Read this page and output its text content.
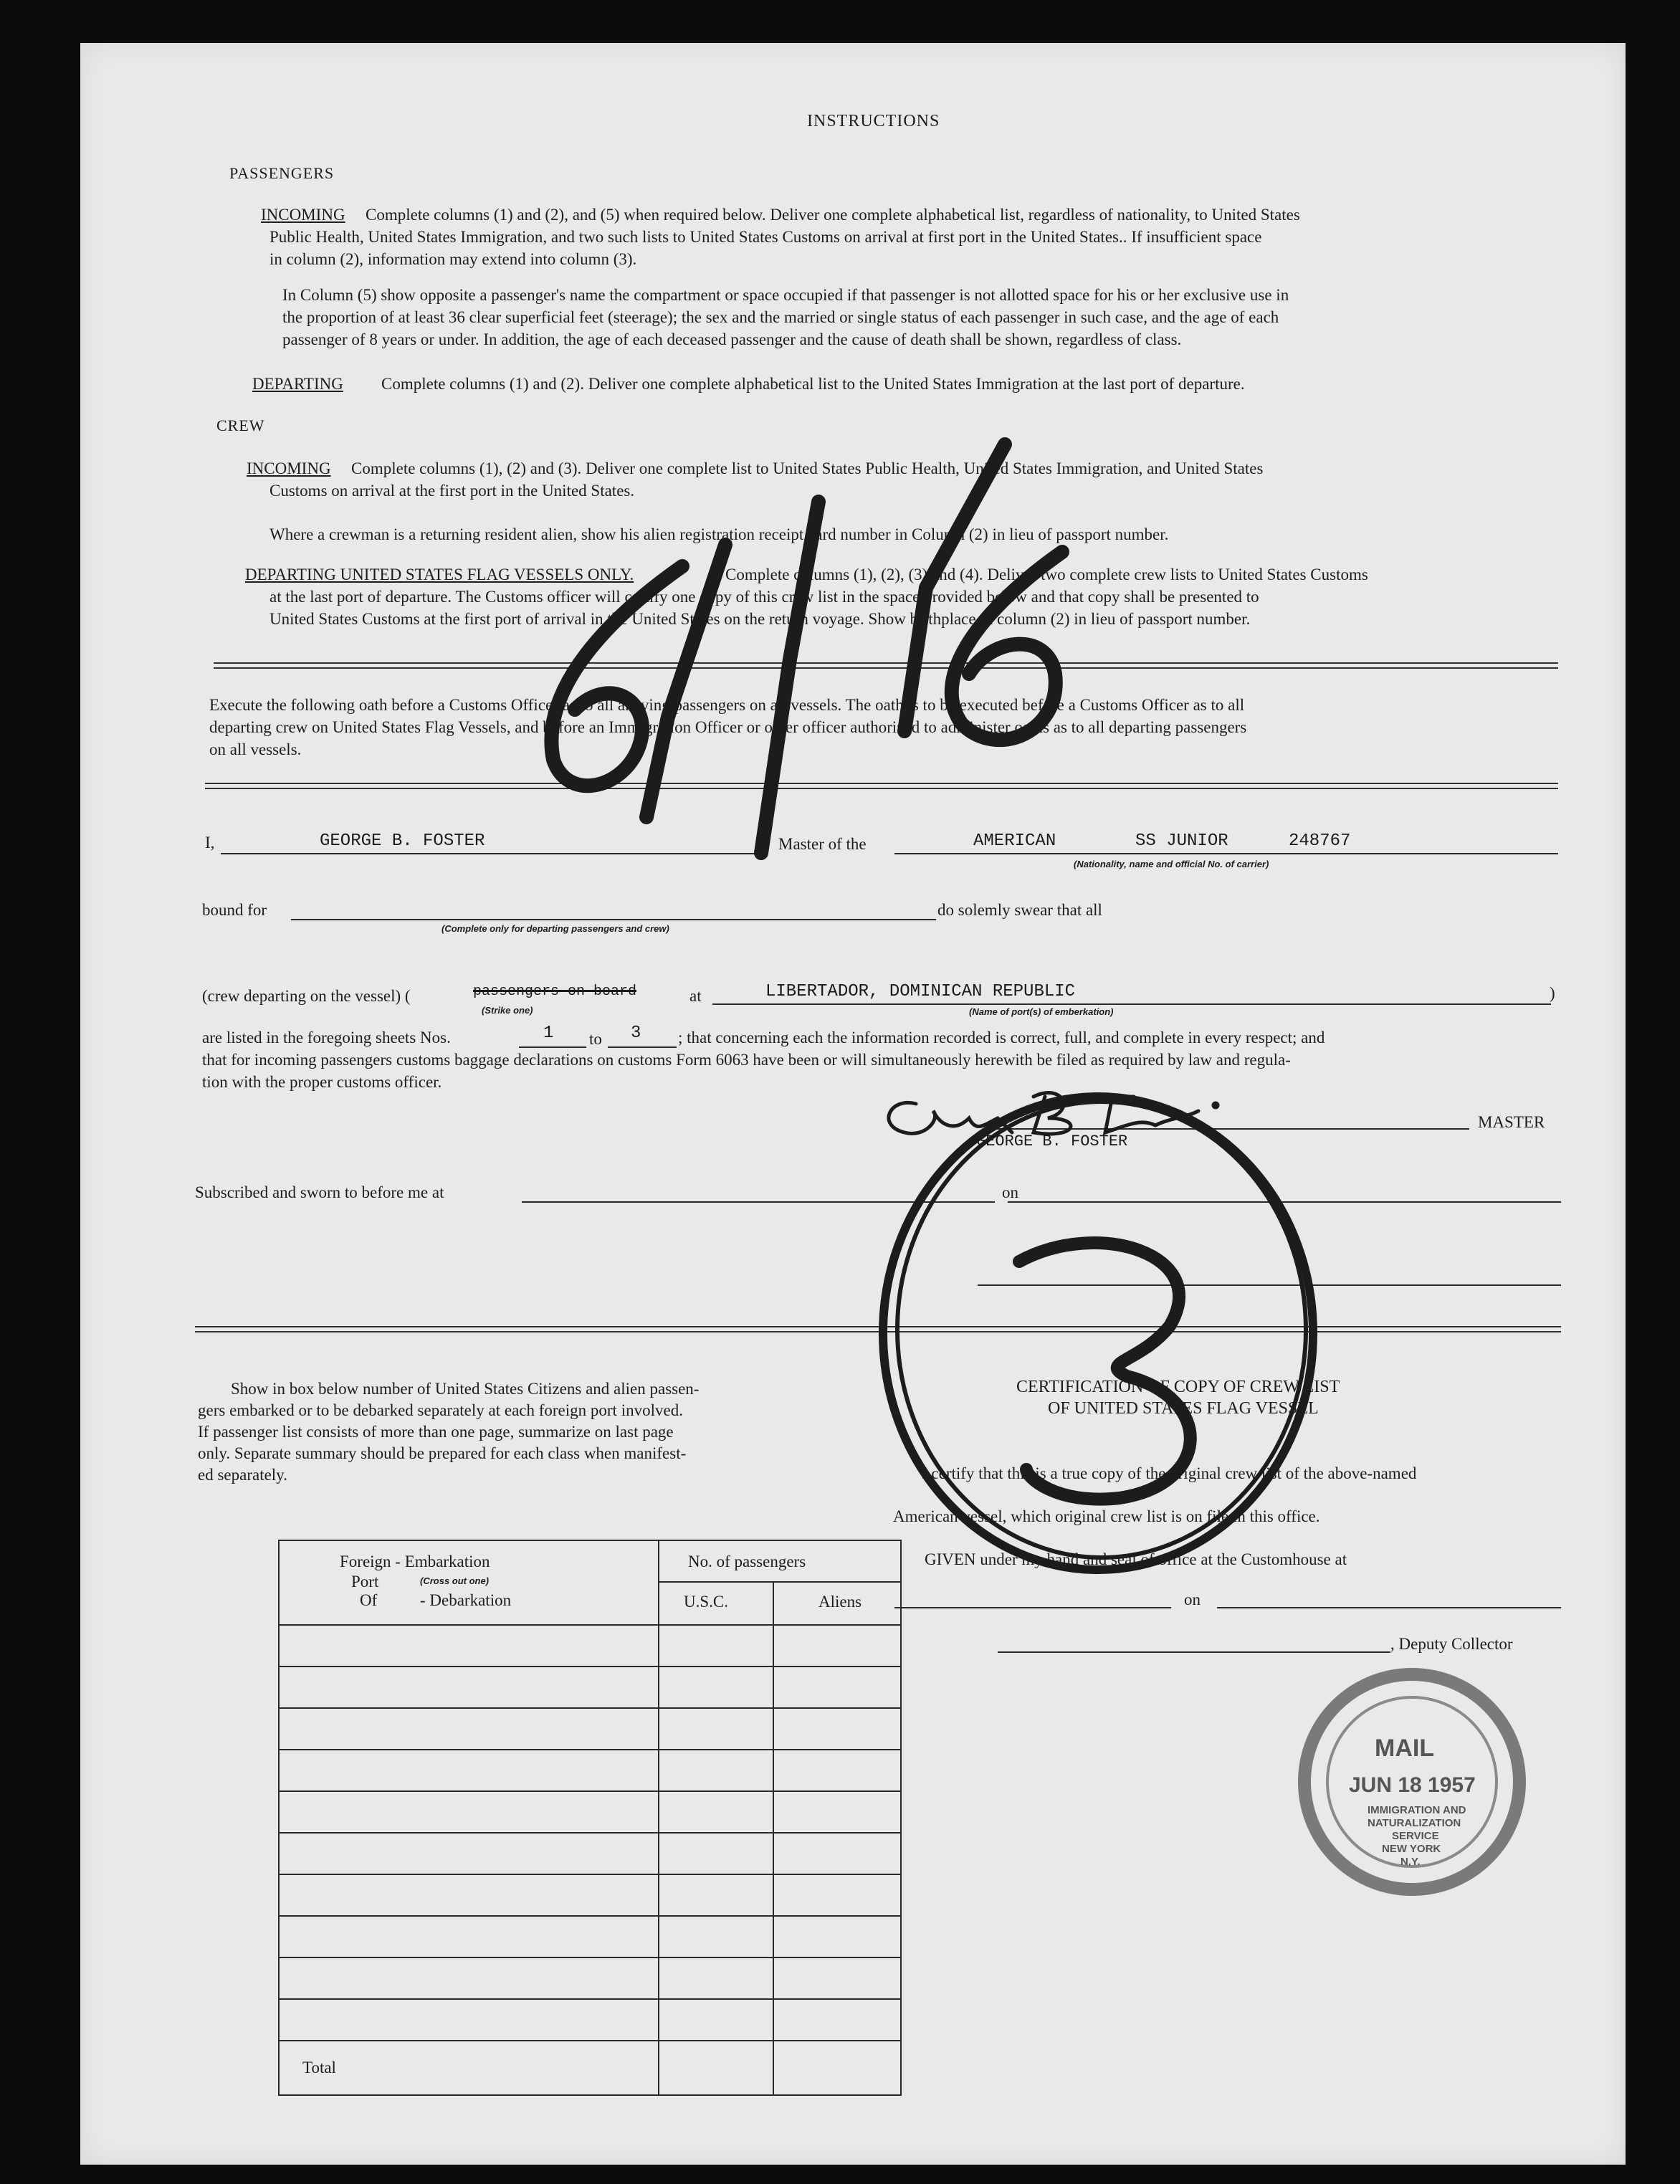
INSTRUCTIONS
PASSENGERS
INCOMING Complete columns (1) and (2), and (5) when required below. Deliver one complete alphabetical list, regardless of nationality, to United States
Public Health, United States Immigration, and two such lists to United States Customs on arrival at first port in the United States.. If insufficient space
in column (2), information may extend into column (3).
In Column (5) show opposite a passenger's name the compartment or space occupied if that passenger is not allotted space for his or her exclusive use in
the proportion of at least 36 clear superficial feet (steerage); the sex and the married or single status of each passenger in such case, and the age of each
passenger of 8 years or under. In addition, the age of each deceased passenger and the cause of death shall be shown, regardless of class.
DEPARTING Complete columns (1) and (2). Deliver one complete alphabetical list to the United States Immigration at the last port of departure.
CREW
INCOMING Complete columns (1), (2) and (3). Deliver one complete list to United States Public Health, United States Immigration, and United States
Customs on arrival at the first port in the United States.
Where a crewman is a returning resident alien, show his alien registration receipt card number in Column (2) in lieu of passport number.
DEPARTING UNITED STATES FLAG VESSELS ONLY.	Complete columns (1), (2), (3) and (4). Deliver two complete crew lists to United States Customs
at the last port of departure. The Customs officer will certify one copy of this crew list in the space provided below and that copy shall be presented to
United States Customs at the first port of arrival in the United States on the return voyage. Show birthplace in column (2) in lieu of passport number.
Execute the following oath before a Customs Officer as to all arriving passengers on all vessels. The oath is to be executed before a Customs Officer as to all
departing crew on United States Flag Vessels, and before an Immigration Officer or other officer authorized to administer oaths as to all departing passengers
on all vessels.
I,	GEORGE B. FOSTER	Master of the	AMERICAN	SS JUNIOR	248767
(Nationality, name and official No. of carrier)
bound for
(Complete only for departing passengers and crew)
do solemly swear that all
(crew departing on the vessel) (	passengers on board
(Strike one)
at	LIBERTADOR, DOMINICAN REPUBLIC
(Name of port(s) of emberkation)
)
are listed in the foregoing sheets Nos.	1 to 3 ; that concerning each the information recorded is correct, full, and complete in every respect; and
that for incoming passengers customs baggage declarations on customs Form 6063 have been or will simultaneously herewith be filed as required by law and regula-
tion with the proper customs officer.
MASTER
GEORGE B. FOSTER
Subscribed and sworn to before me at	on
Show in box below number of United States Citizens and alien passen-
gers embarked or to be debarked separately at each foreign port involved.
If passenger list consists of more than one page, summarize on last page
only. Separate summary should be prepared for each class when manifest-
ed separately.
Foreign - Embarkation
Port	(Cross out one)
Of	- Debarkation
No. of passengers
U.S.C.	Aliens
Total
CERTIFICATION OF COPY OF CREW LIST
OF UNITED STATES FLAG VESSEL
I certify that this is a true copy of the original crew list of the above-named
American vessel, which original crew list is on file in this office.
GIVEN under my hand and seal of office at the Customhouse at
on
, Deputy Collector
MAIL
JUN 18 1957
IMMIGRATION AND
NATURALIZATION
SERVICE
NEW YORK
N.Y.
